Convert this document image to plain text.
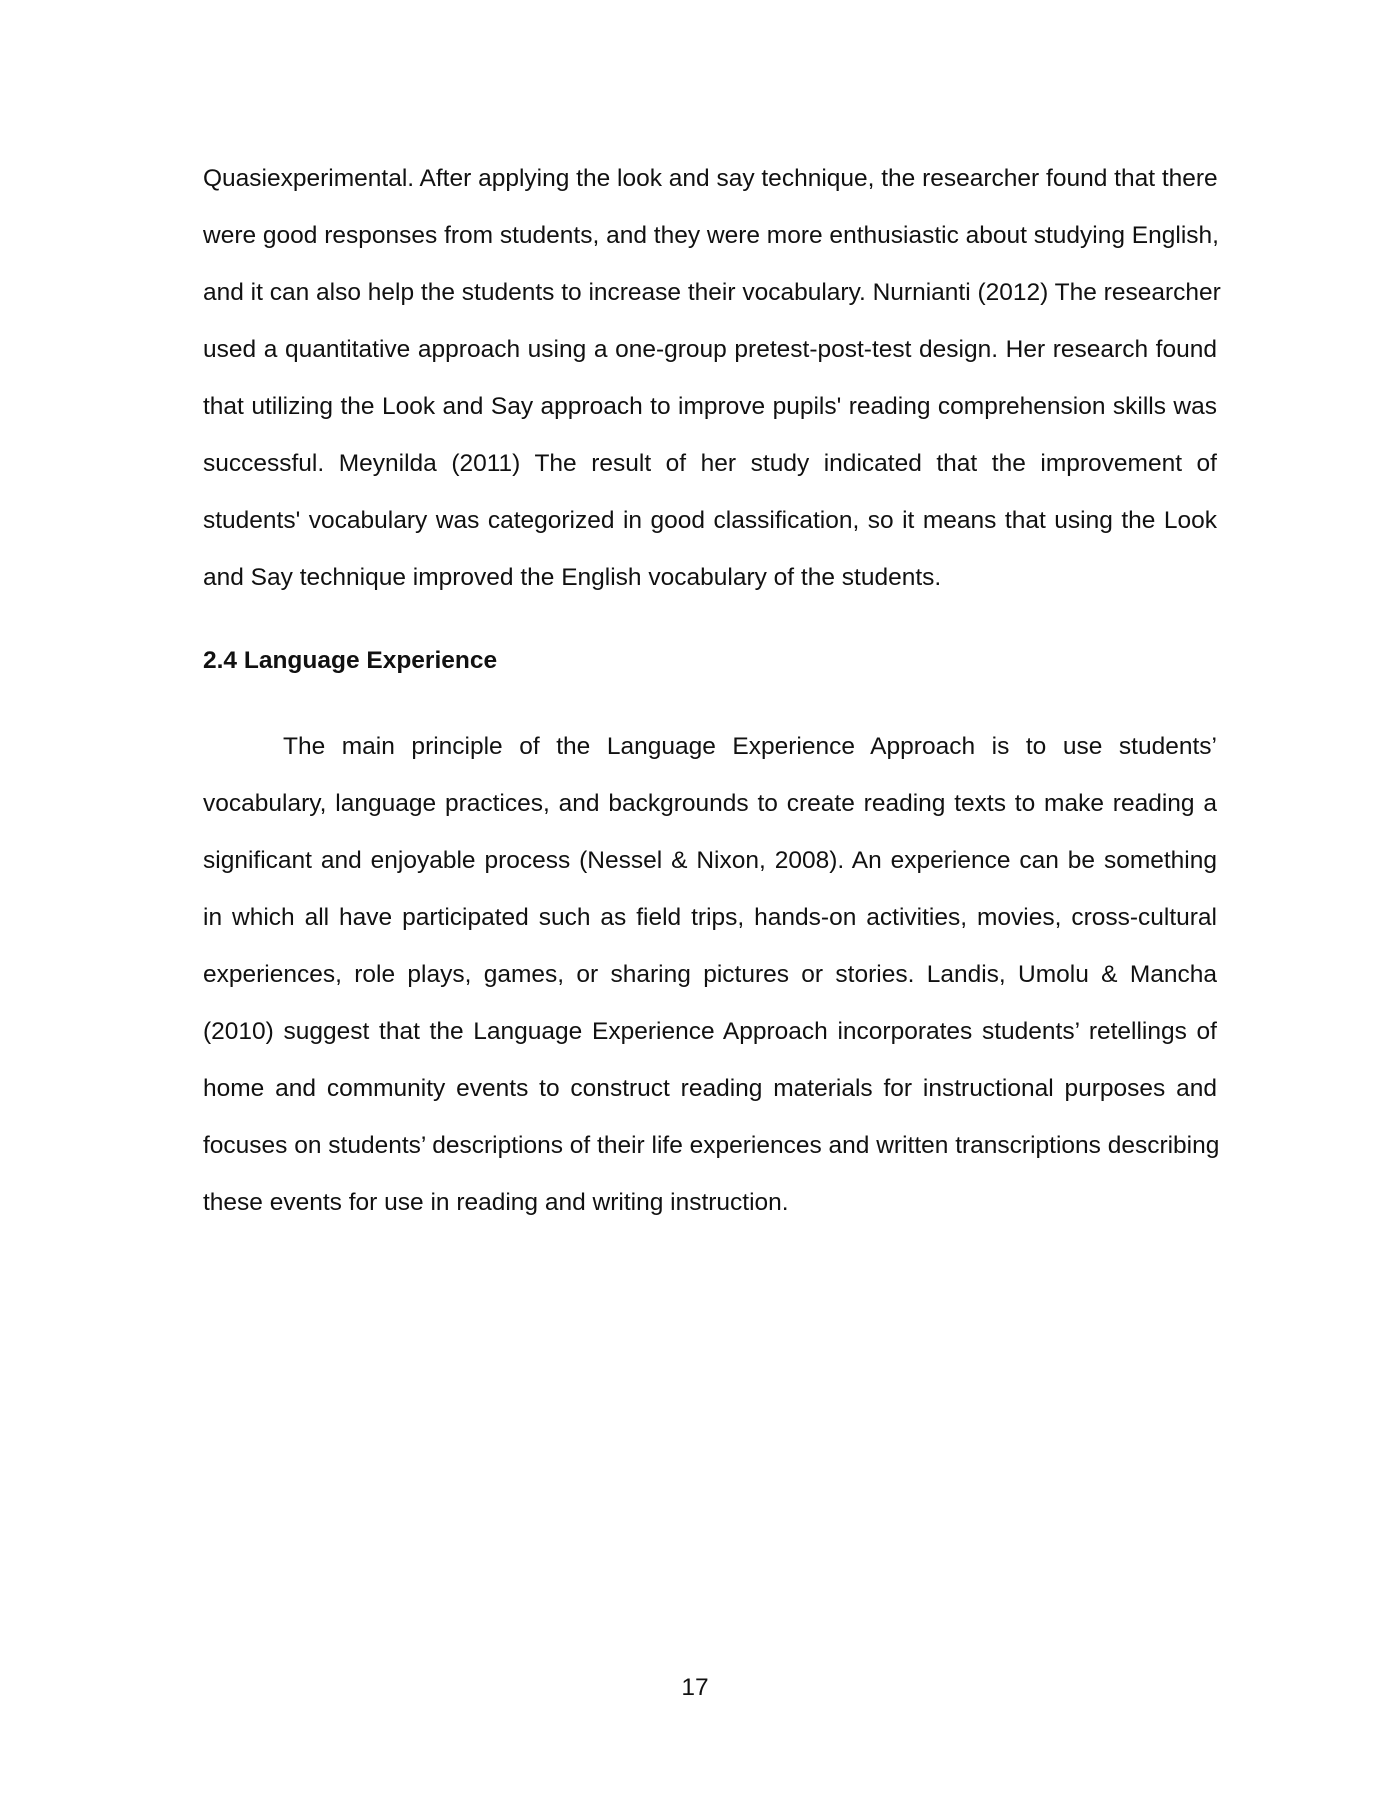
Quasiexperimental. After applying the look and say technique, the researcher found that there
were good responses from students, and they were more enthusiastic about studying English,
and it can also help the students to increase their vocabulary. Nurnianti (2012) The researcher
used a quantitative approach using a one-group pretest-post-test design. Her research found
that utilizing the Look and Say approach to improve pupils' reading comprehension skills was
successful. Meynilda (2011) The result of her study indicated that the improvement of
students' vocabulary was categorized in good classification, so it means that using the Look
and Say technique improved the English vocabulary of the students.
2.4 Language Experience
The main principle of the Language Experience Approach is to use students’
vocabulary, language practices, and backgrounds to create reading texts to make reading a
significant and enjoyable process (Nessel & Nixon, 2008). An experience can be something
in which all have participated such as field trips, hands-on activities, movies, cross-cultural
experiences, role plays, games, or sharing pictures or stories. Landis, Umolu & Mancha
(2010) suggest that the Language Experience Approach incorporates students’ retellings of
home and community events to construct reading materials for instructional purposes and
focuses on students’ descriptions of their life experiences and written transcriptions describing
these events for use in reading and writing instruction.
17
